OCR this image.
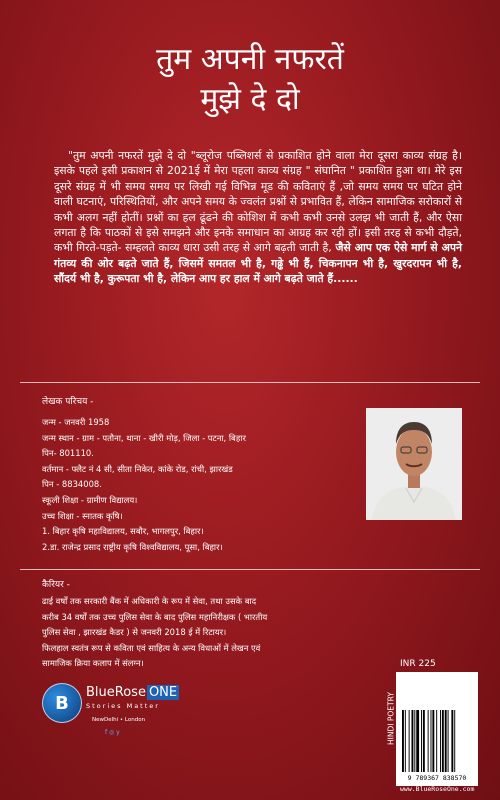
तुम अपनी नफरतें
मुझे दे दो

"तुम अपनी नफरतें मुझे दे दो "ब्लूरोज पब्लिशर्स से प्रकाशित होने वाला मेरा दूसरा काव्य संग्रह है। इसके पहले इसी प्रकाशन से 2021ई में मेरा पहला काव्य संग्रह " संघानित " प्रकाशित हुआ था। मेरे इस दूसरे संग्रह में भी समय समय पर लिखी गई विभिन्न मूड की कविताएं हैं ,जो समय समय पर घटित होने वाली घटनाएं, परिस्थितियों, और अपने समय के ज्वलंत प्रश्नों से प्रभावित हैं, लेकिन सामाजिक सरोकारों से कभी अलग नहीं होतीं। प्रश्नों का हल ढूंढने की कोशिश में कभी कभी उनसे उलझ भी जाती हैं, और ऐसा लगता है कि पाठकों से इसे समझने और इनके समाधान का आग्रह कर रही हों। इसी तरह से कभी दौड़ते, कभी गिरते-पड़ते- सम्हलते काव्य धारा उसी तरह से आगे बढ़ती जाती है, जैसे आप एक ऐसे मार्ग से अपने गंतव्य की ओर बढ़ते जाते हैं, जिसमें समतल भी है, गढ्ढे भी हैं, चिकनापन भी है, खुरदरापन भी है, सौंदर्य भी है, कुरूपता भी है, लेकिन आप हर हाल में आगे बढ़ते जाते हैं......

लेखक परिचय -
जन्म - जनवरी 1958
जन्म स्थान - ग्राम - पतौना, थाना - खीरी मोड़, जिला - पटना, बिहार
पिन- 801110.
वर्तमान - फ्लैट नं 4 सी, सीता निकेत, कांके रोड, रांची, झारखंड
पिन - 8834008.
स्कूली शिक्षा - ग्रामीण विद्यालय।
उच्च शिक्षा - स्नातक कृषि।
1. बिहार कृषि महाविद्यालय, सबौर, भागलपुर, बिहार।
2.डा. राजेन्द्र प्रसाद राष्ट्रीय कृषि विश्वविद्यालय, पूसा, बिहार।
कैरियर -
ढाई वर्षों तक सरकारी बैंक में अधिकारी के रूप में सेवा, तथा उसके बाद
करीब 34 वर्षों तक उच्च पुलिस सेवा के बाद पुलिस महानिरीक्षक ( भारतीय
पुलिस सेवा , झारखंड कैडर ) से जनवरी 2018 ई में रिटायर।
फिलहाल स्वतंत्र रूप से कविता एवं साहित्य के अन्य विधाओं में लेखन एवं
सामाजिक क्रिया कलाप में संलग्न।
B	BlueRose ONE
Stories Matter
NewDelhi • London
f ◎ y
INR 225
HINDI POETRY
9 789367 838570
www.BlueRoseOne.com
